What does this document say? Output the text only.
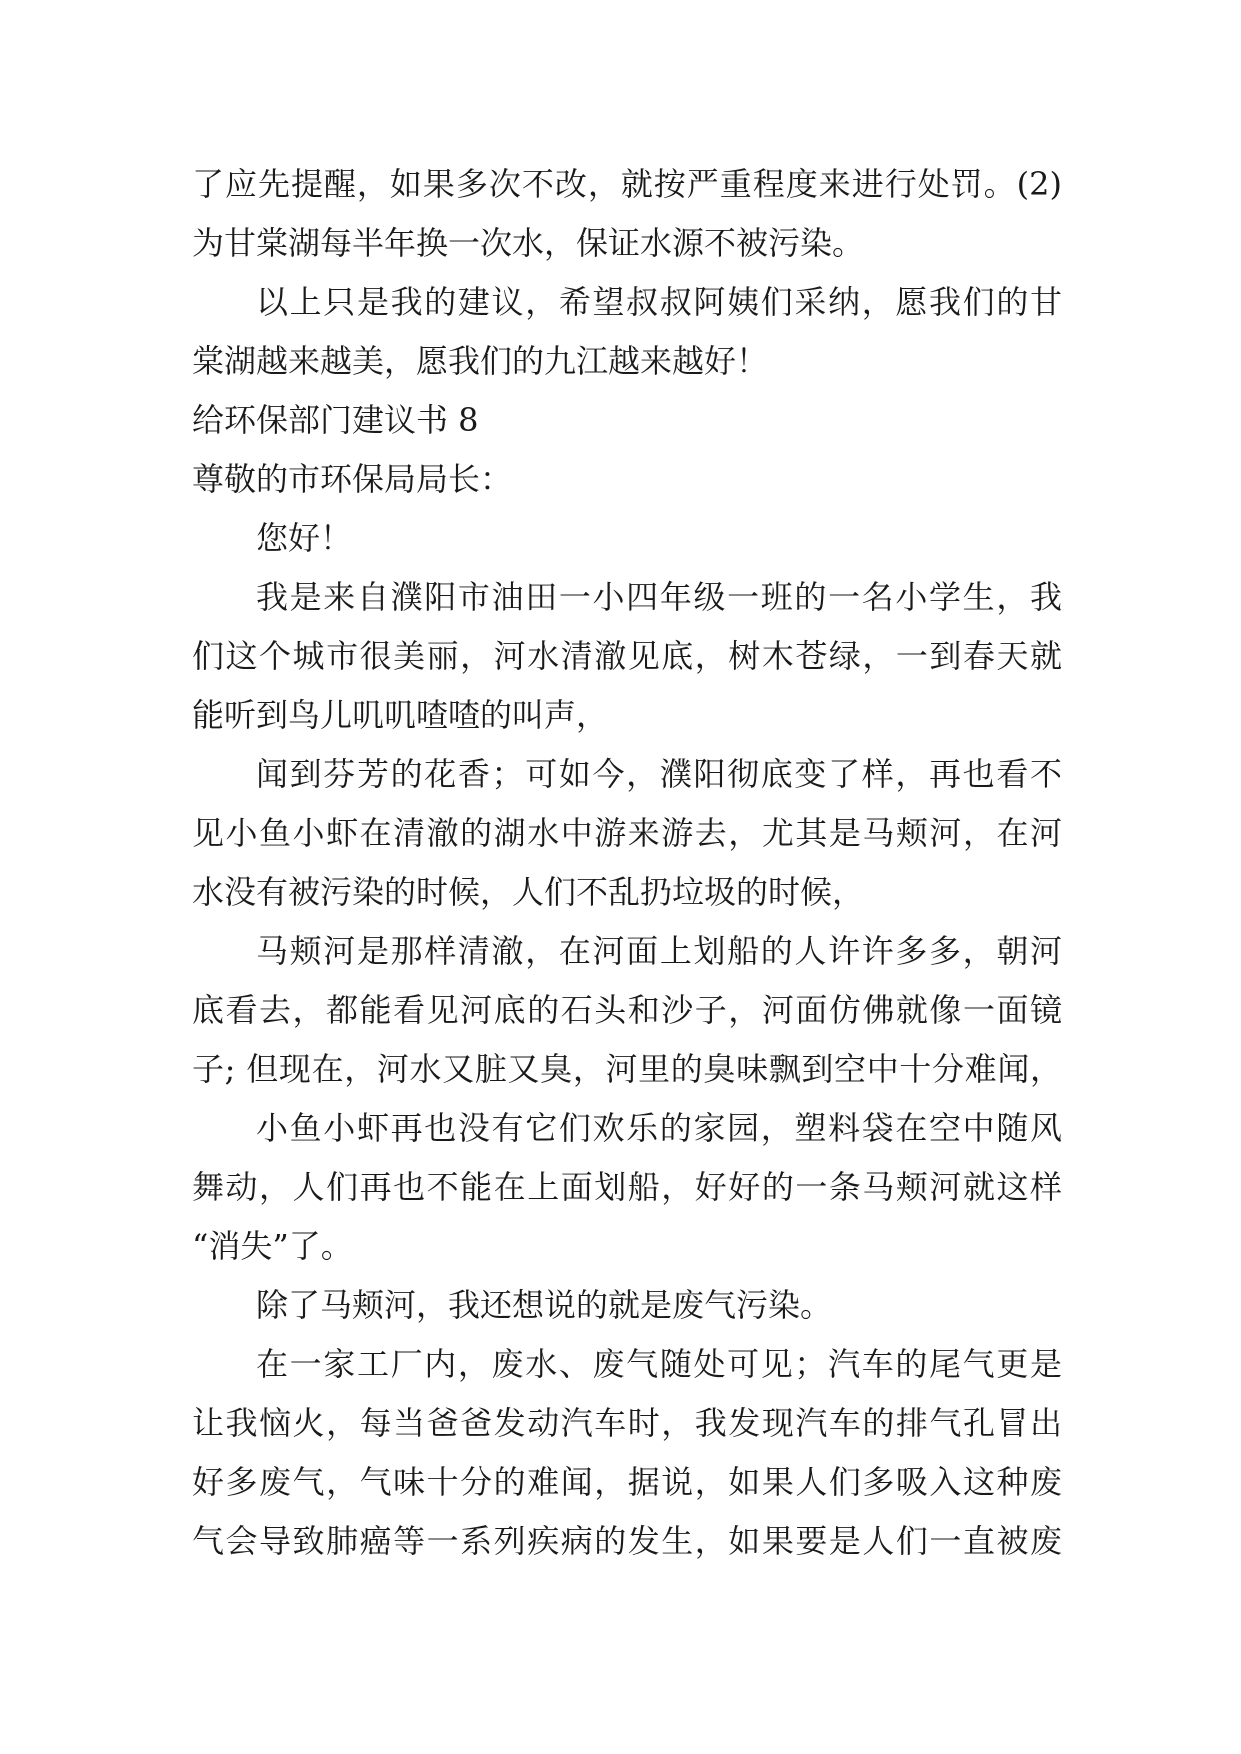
了应先提醒，如果多次不改，就按严重程度来进行处罚。(2)
为甘棠湖每半年换一次水，保证水源不被污染。
以上只是我的建议，希望叔叔阿姨们采纳，愿我们的甘
棠湖越来越美，愿我们的九江越来越好！
给环保部门建议书 8
尊敬的市环保局局长：
您好！
我是来自濮阳市油田一小四年级一班的一名小学生，我
们这个城市很美丽，河水清澈见底，树木苍绿，一到春天就
能听到鸟儿叽叽喳喳的叫声，
闻到芬芳的花香；可如今，濮阳彻底变了样，再也看不
见小鱼小虾在清澈的湖水中游来游去，尤其是马颊河，在河
水没有被污染的时候，人们不乱扔垃圾的时候，
马颊河是那样清澈，在河面上划船的人许许多多，朝河
底看去，都能看见河底的石头和沙子，河面仿佛就像一面镜
子; 但现在，河水又脏又臭，河里的臭味飘到空中十分难闻，
小鱼小虾再也没有它们欢乐的家园，塑料袋在空中随风
舞动，人们再也不能在上面划船，好好的一条马颊河就这样
“消失”了。
除了马颊河，我还想说的就是废气污染。
在一家工厂内，废水、废气随处可见；汽车的尾气更是
让我恼火，每当爸爸发动汽车时，我发现汽车的排气孔冒出
好多废气，气味十分的难闻，据说，如果人们多吸入这种废
气会导致肺癌等一系列疾病的发生，如果要是人们一直被废
